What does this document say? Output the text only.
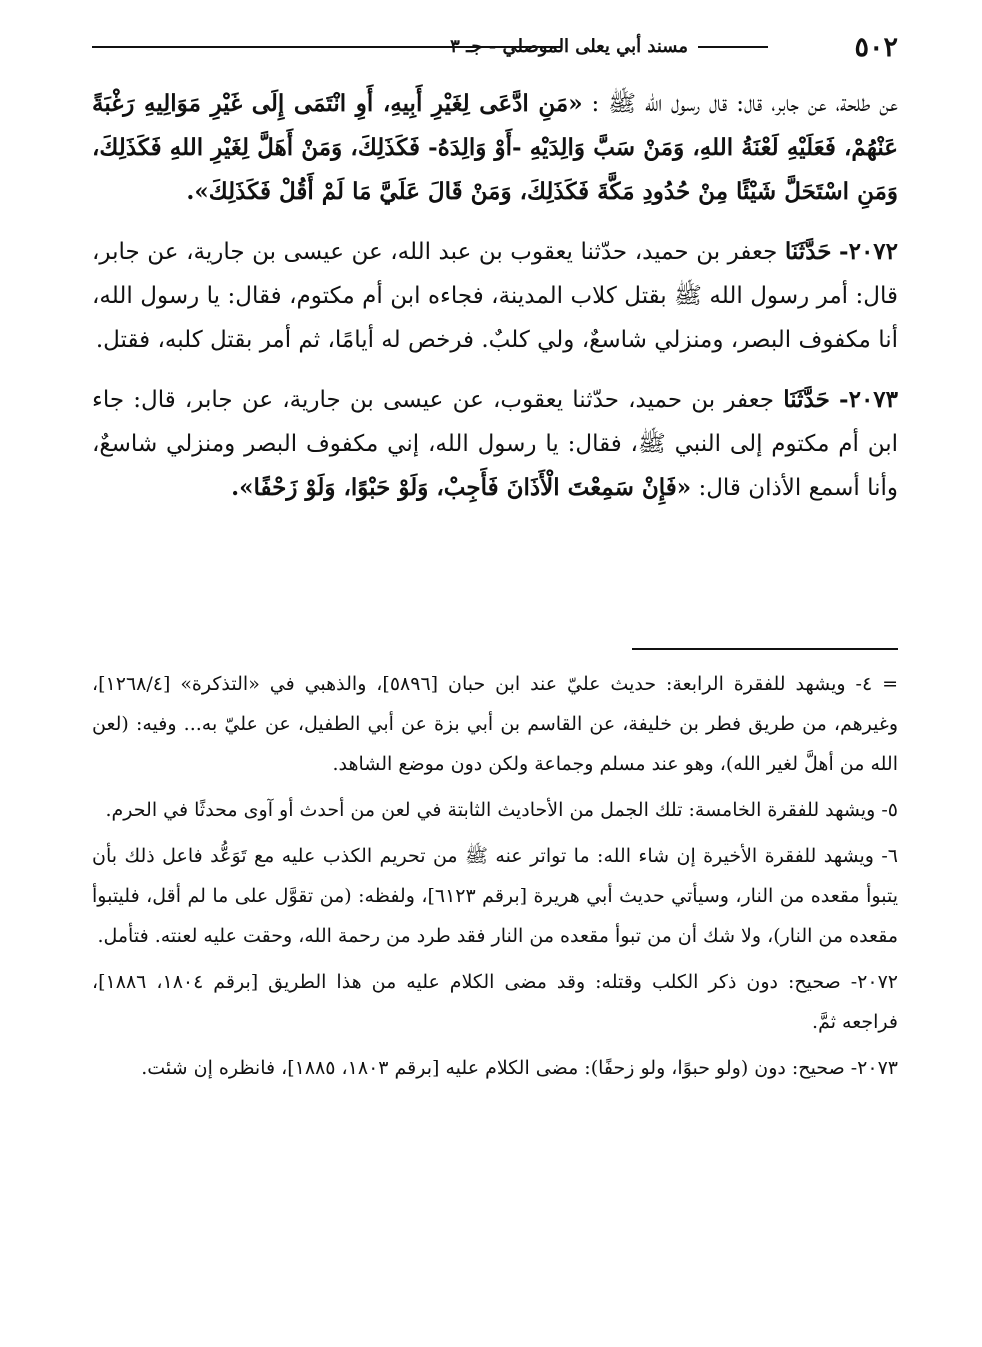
٥٠٢
مسند أبي يعلى الموصلي - جـ ٣

عن طلحة، عن جابر، قال: قال رسول الله ﷺ : «مَنِ ادَّعَى لِغَيْرِ أَبِيهِ، أَوِ انْتَمَى إِلَى غَيْرِ مَوَالِيهِ رَغْبَةً عَنْهُمْ، فَعَلَيْهِ لَعْنَةُ اللهِ، وَمَنْ سَبَّ وَالِدَيْهِ -أَوْ وَالِدَهُ- فَكَذَلِكَ، وَمَنْ أَهَلَّ لِغَيْرِ اللهِ فَكَذَلِكَ، وَمَنِ اسْتَحَلَّ شَيْئًا مِنْ حُدُودِ مَكَّةَ فَكَذَلِكَ، وَمَنْ قَالَ عَلَيَّ مَا لَمْ أَقُلْ فَكَذَلِكَ».

٢٠٧٢- حَدَّثَنَا جعفر بن حميد، حدّثنا يعقوب بن عبد الله، عن عيسى بن جارية، عن جابر، قال: أمر رسول الله ﷺ بقتل كلاب المدينة، فجاءه ابن أم مكتوم، فقال: يا رسول الله، أنا مكفوف البصر، ومنزلي شاسعٌ، ولي كلبٌ. فرخص له أيامًا، ثم أمر بقتل كلبه، فقتل.

٢٠٧٣- حَدَّثَنَا جعفر بن حميد، حدّثنا يعقوب، عن عيسى بن جارية، عن جابر، قال: جاء ابن أم مكتوم إلى النبي ﷺ، فقال: يا رسول الله، إني مكفوف البصر ومنزلي شاسعٌ، وأنا أسمع الأذان قال: «فَإِنْ سَمِعْتَ الْأَذَانَ فَأَجِبْ، وَلَوْ حَبْوًا، وَلَوْ زَحْفًا».

= ٤- ويشهد للفقرة الرابعة: حديث عليّ عند ابن حبان [٥٨٩٦]، والذهبي في «التذكرة» [١٢٦٨/٤]، وغيرهم، من طريق فطر بن خليفة، عن القاسم بن أبي بزة عن أبي الطفيل، عن عليّ به... وفيه: (لعن الله من أهلَّ لغير الله)، وهو عند مسلم وجماعة ولكن دون موضع الشاهد.

٥- ويشهد للفقرة الخامسة: تلك الجمل من الأحاديث الثابتة في لعن من أحدث أو آوى محدثًا في الحرم.

٦- ويشهد للفقرة الأخيرة إن شاء الله: ما تواتر عنه ﷺ من تحريم الكذب عليه مع تَوَعُّد فاعل ذلك بأن يتبوأ مقعده من النار، وسيأتي حديث أبي هريرة [برقم ٦١٢٣]، ولفظه: (من تقوَّل على ما لم أقل، فليتبوأ مقعده من النار)، ولا شك أن من تبوأ مقعده من النار فقد طرد من رحمة الله، وحقت عليه لعنته. فتأمل.

٢٠٧٢- صحيح: دون ذكر الكلب وقتله: وقد مضى الكلام عليه من هذا الطريق [برقم ١٨٠٤، ١٨٨٦]، فراجعه ثمَّ.

٢٠٧٣- صحيح: دون (ولو حبوًا، ولو زحفًا): مضى الكلام عليه [برقم ١٨٠٣، ١٨٨٥]، فانظره إن شئت.
